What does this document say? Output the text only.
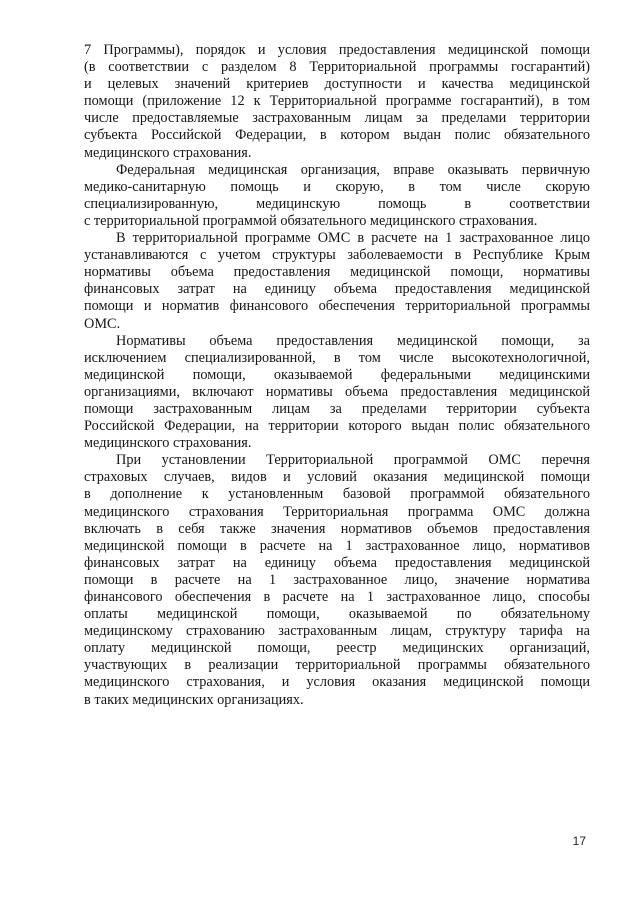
7 Программы), порядок и условия предоставления медицинской помощи
(в соответствии с разделом 8 Территориальной программы госгарантий)
и целевых значений критериев доступности и качества медицинской
помощи (приложение 12 к Территориальной программе госгарантий), в том
числе предоставляемые застрахованным лицам за пределами территории
субъекта Российской Федерации, в котором выдан полис обязательного
медицинского страхования.
Федеральная медицинская организация, вправе оказывать первичную
медико-санитарную помощь и скорую, в том числе скорую
специализированную, медицинскую помощь в соответствии
с территориальной программой обязательного медицинского страхования.
В территориальной программе ОМС в расчете на 1 застрахованное лицо
устанавливаются с учетом структуры заболеваемости в Республике Крым
нормативы объема предоставления медицинской помощи, нормативы
финансовых затрат на единицу объема предоставления медицинской
помощи и норматив финансового обеспечения территориальной программы
ОМС.
Нормативы объема предоставления медицинской помощи, за
исключением специализированной, в том числе высокотехнологичной,
медицинской помощи, оказываемой федеральными медицинскими
организациями, включают нормативы объема предоставления медицинской
помощи застрахованным лицам за пределами территории субъекта
Российской Федерации, на территории которого выдан полис обязательного
медицинского страхования.
При установлении Территориальной программой ОМС перечня
страховых случаев, видов и условий оказания медицинской помощи
в дополнение к установленным базовой программой обязательного
медицинского страхования Территориальная программа ОМС должна
включать в себя также значения нормативов объемов предоставления
медицинской помощи в расчете на 1 застрахованное лицо, нормативов
финансовых затрат на единицу объема предоставления медицинской
помощи в расчете на 1 застрахованное лицо, значение норматива
финансового обеспечения в расчете на 1 застрахованное лицо, способы
оплаты медицинской помощи, оказываемой по обязательному
медицинскому страхованию застрахованным лицам, структуру тарифа на
оплату медицинской помощи, реестр медицинских организаций,
участвующих в реализации территориальной программы обязательного
медицинского страхования, и условия оказания медицинской помощи
в таких медицинских организациях.
17
